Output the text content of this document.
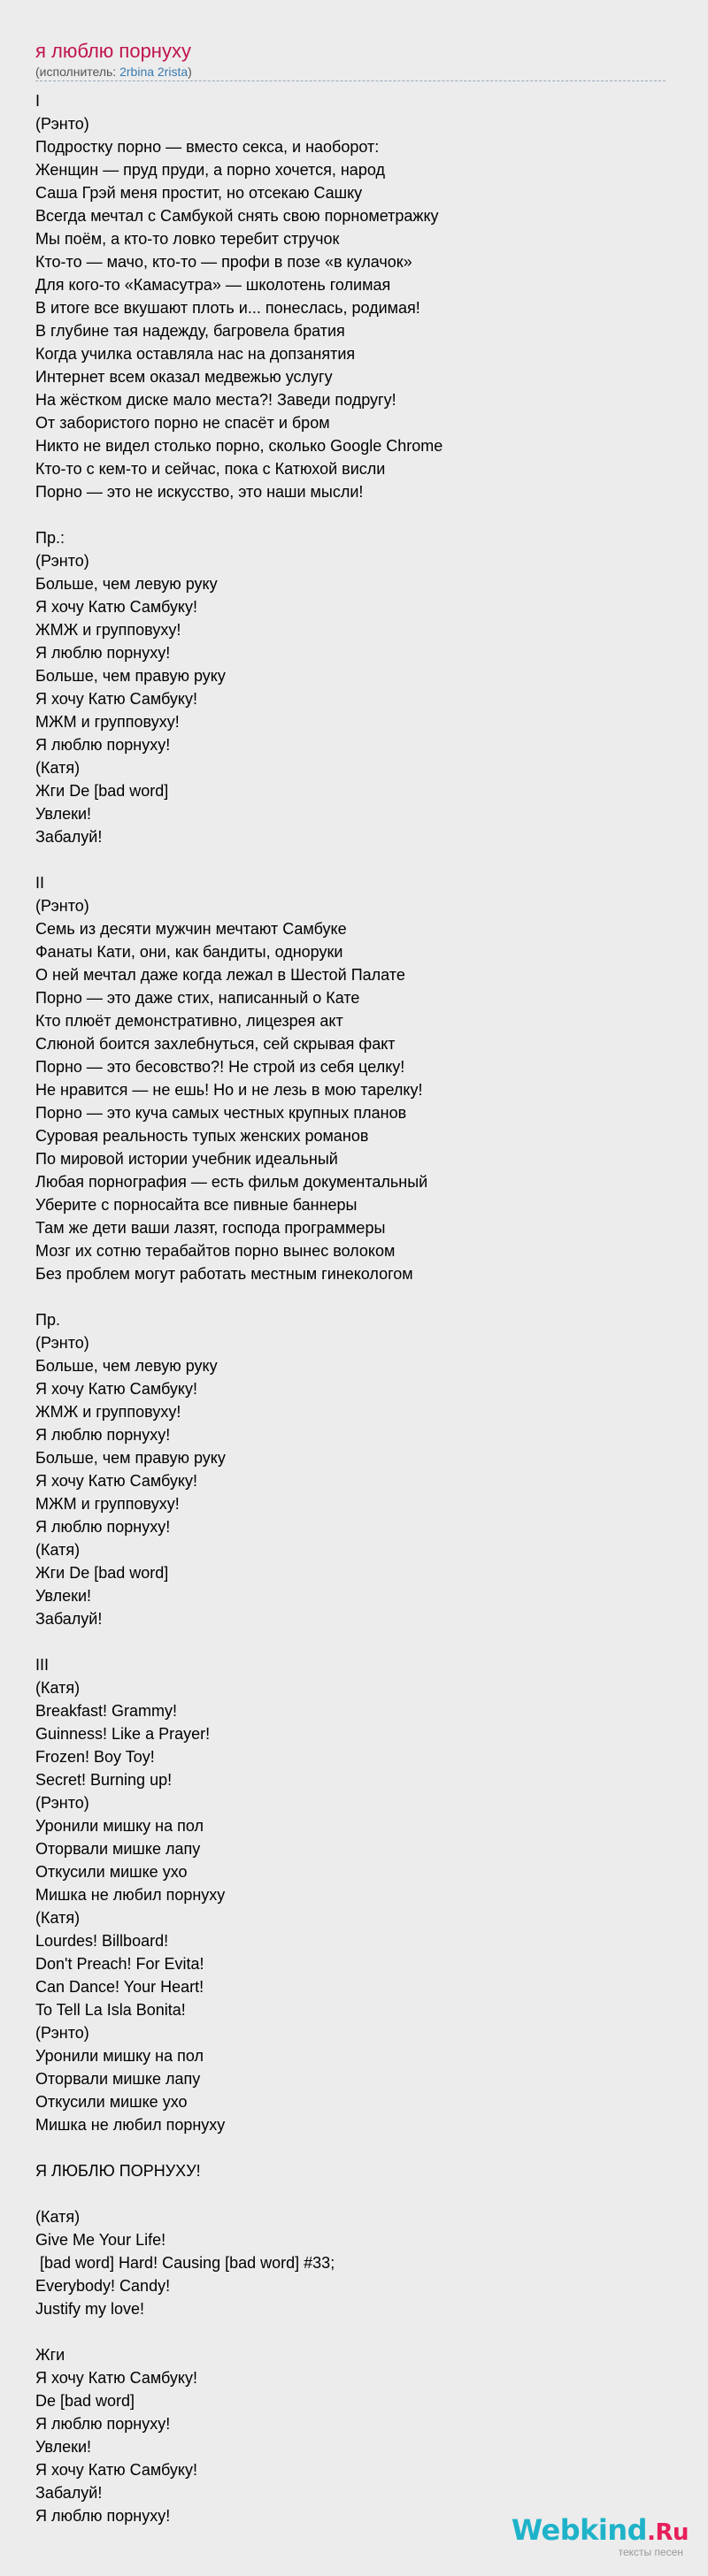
я люблю порнуху
(исполнитель: 2rbina 2rista)
I
(Рэнто)
Подростку порно — вместо секса, и наоборот:
Женщин — пруд пруди, а порно хочется, народ
Саша Грэй меня простит, но отсекаю Сашку
Всегда мечтал с Самбукой снять свою порнометражку
Мы поём, а кто-то ловко теребит стручок
Кто-то — мачо, кто-то — профи в позе «в кулачок»
Для кого-то «Камасутра» — школотень голимая
В итоге все вкушают плоть и... понеслась, родимая!
В глубине тая надежду, багровела братия
Когда училка оставляла нас на допзанятия
Интернет всем оказал медвежью услугу
На жёстком диске мало места?! Заведи подругу!
От забористого порно не спасёт и бром
Никто не видел столько порно, сколько Google Chrome
Кто-то с кем-то и сейчас, пока с Катюхой висли
Порно — это не искусство, это наши мысли!
Пр.:
(Рэнто)
Больше, чем левую руку
Я хочу Катю Самбуку!
ЖМЖ и групповуху!
Я люблю порнуху!
Больше, чем правую руку
Я хочу Катю Самбуку!
МЖМ и групповуху!
Я люблю порнуху!
(Катя)
Жги De [bad word]
Увлеки!
Забалуй!
II
(Рэнто)
Семь из десяти мужчин мечтают Самбуке
Фанаты Кати, они, как бандиты, однoруки
О ней мечтал даже когда лежал в Шестой Палате
Порно — это даже стих, написанный о Кате
Кто плюёт демонстративно, лицезрея акт
Слюной боится захлебнуться, сей скрывая факт
Порно — это бесовство?! Не строй из себя целку!
Не нравится — не ешь! Но и не лезь в мою тарелку!
Порно — это куча самых честных крупных планов
Суровая реальность тупых женских романов
По мировой истории учебник идеальный
Любая порнография — есть фильм документальный
Уберите с порносайта все пивные баннеры
Там же дети ваши лазят, господа программеры
Мозг их сотню терабайтов порно вынес волоком
Без проблем могут работать местным гинекологом
Пр.
(Рэнто)
Больше, чем левую руку
Я хочу Катю Самбуку!
ЖМЖ и групповуху!
Я люблю порнуху!
Больше, чем правую руку
Я хочу Катю Самбуку!
МЖМ и групповуху!
Я люблю порнуху!
(Катя)
Жги De [bad word]
Увлеки!
Забалуй!
III
(Катя)
Breakfast! Grammy!
Guinness! Like a Prayer!
Frozen! Boy Toy!
Secret! Burning up!
(Рэнто)
Уронили мишку на пол
Оторвали мишке лапу
Откусили мишке ухо
Мишка не любил порнуху
(Катя)
Lourdes! Billboard!
Don't Preach! For Evita!
Can Dance! Your Heart!
To Tell La Isla Bonita!
(Рэнто)
Уронили мишку на пол
Оторвали мишке лапу
Откусили мишке ухо
Мишка не любил порнуху
Я ЛЮБЛЮ ПОРНУХУ!
(Катя)
Give Me Your Life!
[bad word] Hard! Causing [bad word] #33;
Everybody! Candy!
Justify my love!
Жги
Я хочу Катю Самбуку!
De [bad word]
Я люблю порнуху!
Увлеки!
Я хочу Катю Самбуку!
Забалуй!
Я люблю порнуху!	Webkind.Ru
тексты песен
